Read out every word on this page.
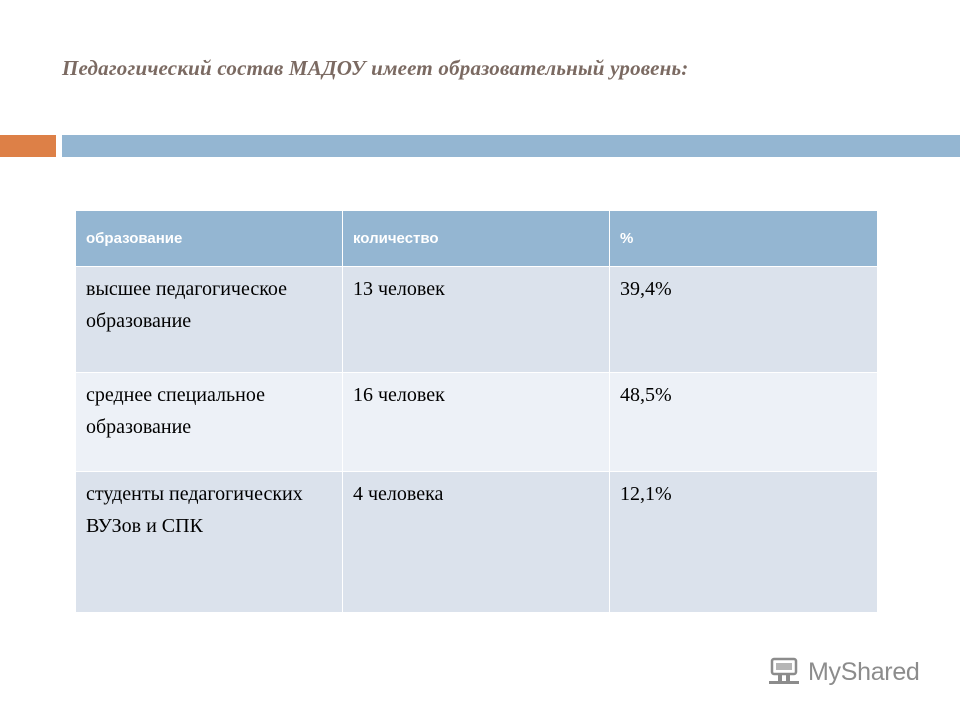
Педагогический состав МАДОУ имеет образовательный уровень:
образование	количество	%
высшее педагогическое образование	13 человек	39,4%
среднее специальное образование	16 человек	48,5%
студенты педагогических ВУЗов и СПК	4 человека	12,1%
MyShared
